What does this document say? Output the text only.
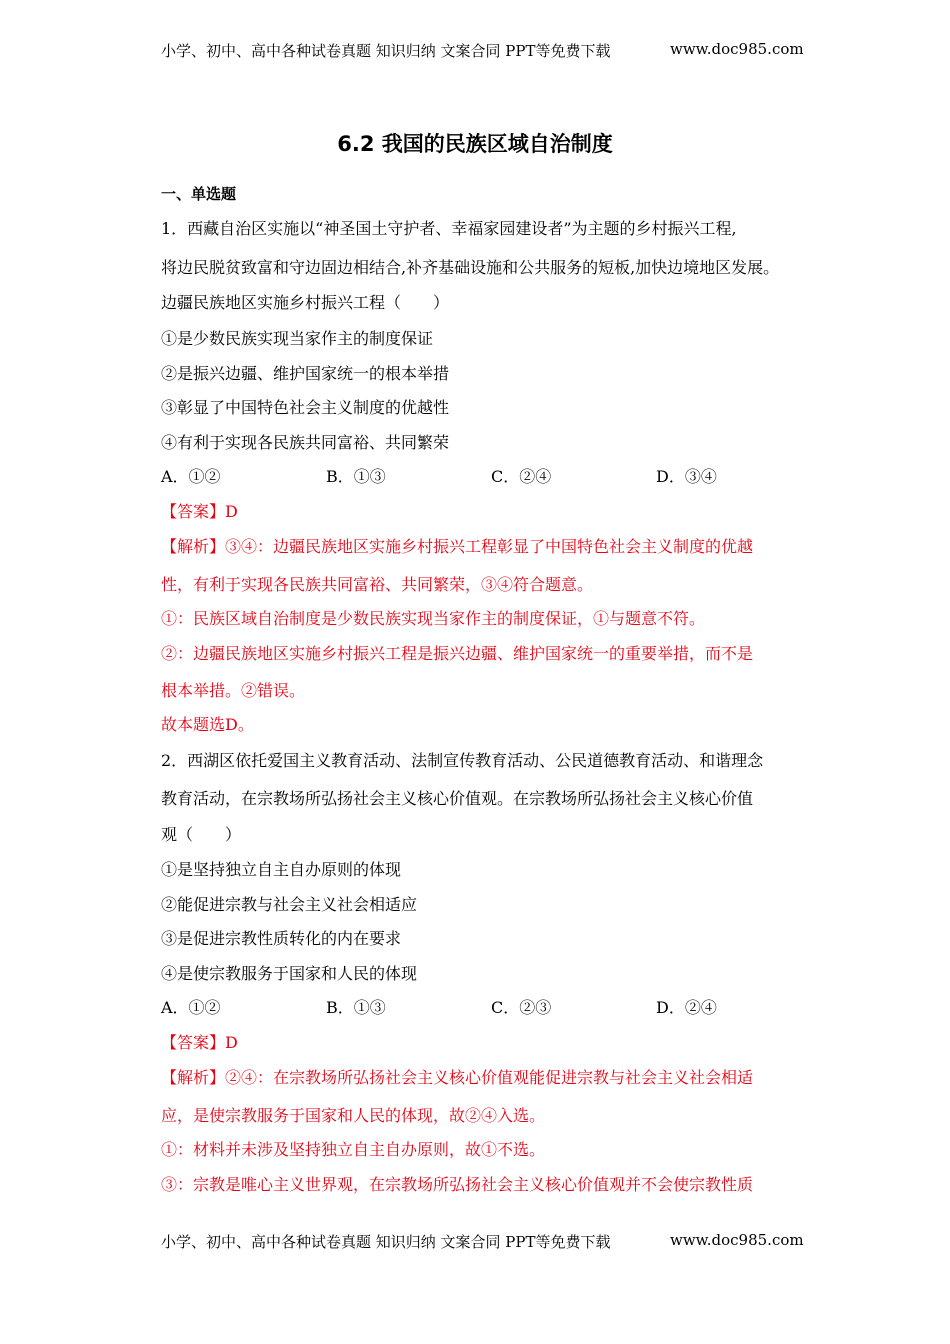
小学、初中、高中各种试卷真题 知识归纳 文案合同 PPT等免费下载	www.doc985.com
6.2 我国的民族区域自治制度
一、单选题
1．西藏自治区实施以“神圣国土守护者、幸福家园建设者”为主题的乡村振兴工程,
将边民脱贫致富和守边固边相结合,补齐基础设施和公共服务的短板,加快边境地区发展。
边疆民族地区实施乡村振兴工程（　　）
①是少数民族实现当家作主的制度保证
②是振兴边疆、维护国家统一的根本举措
③彰显了中国特色社会主义制度的优越性
④有利于实现各民族共同富裕、共同繁荣
A．①②	B．①③	C．②④	D．③④
【答案】D
【解析】③④：边疆民族地区实施乡村振兴工程彰显了中国特色社会主义制度的优越
性，有利于实现各民族共同富裕、共同繁荣，③④符合题意。
①：民族区域自治制度是少数民族实现当家作主的制度保证，①与题意不符。
②：边疆民族地区实施乡村振兴工程是振兴边疆、维护国家统一的重要举措，而不是
根本举措。②错误。
故本题选D。
2．西湖区依托爱国主义教育活动、法制宣传教育活动、公民道德教育活动、和谐理念
教育活动，在宗教场所弘扬社会主义核心价值观。在宗教场所弘扬社会主义核心价值
观（　　）
①是坚持独立自主自办原则的体现
②能促进宗教与社会主义社会相适应
③是促进宗教性质转化的内在要求
④是使宗教服务于国家和人民的体现
A．①②	B．①③	C．②③	D．②④
【答案】D
【解析】②④：在宗教场所弘扬社会主义核心价值观能促进宗教与社会主义社会相适
应，是使宗教服务于国家和人民的体现，故②④入选。
①：材料并未涉及坚持独立自主自办原则，故①不选。
③：宗教是唯心主义世界观，在宗教场所弘扬社会主义核心价值观并不会使宗教性质
小学、初中、高中各种试卷真题 知识归纳 文案合同 PPT等免费下载	www.doc985.com
